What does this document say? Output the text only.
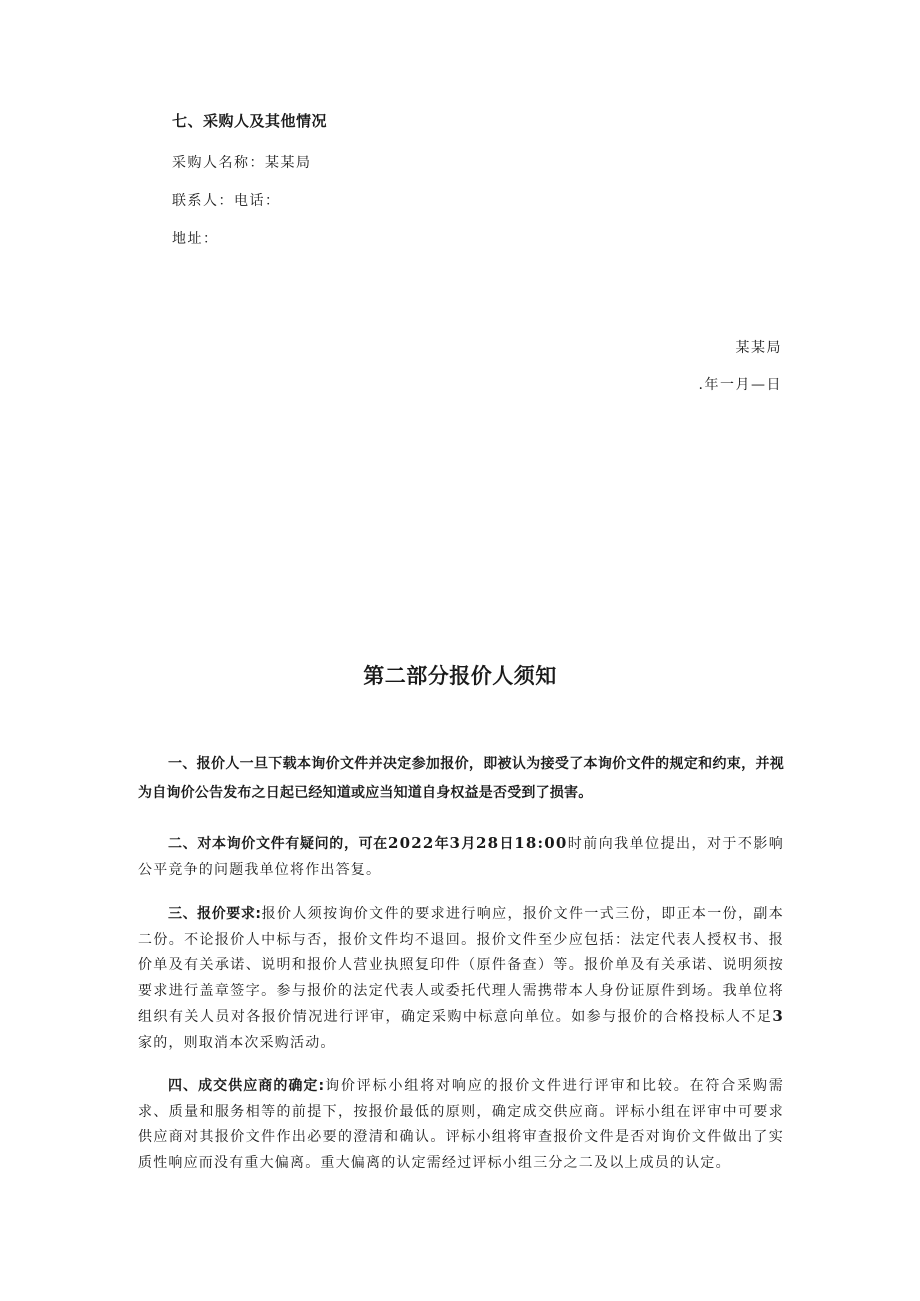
七、采购人及其他情况

采购人名称：某某局

联系人：电话：

地址：

某某局

.年一月—日

第二部分报价人须知

一、报价人一旦下载本询价文件并决定参加报价，即被认为接受了本询价文件的规定和约束，并视为自询价公告发布之日起已经知道或应当知道自身权益是否受到了损害。

二、对本询价文件有疑问的，可在2022年3月28日18:00时前向我单位提出，对于不影响公平竞争的问题我单位将作出答复。

三、报价要求:报价人须按询价文件的要求进行响应，报价文件一式三份，即正本一份，副本二份。不论报价人中标与否，报价文件均不退回。报价文件至少应包括：法定代表人授权书、报价单及有关承诺、说明和报价人营业执照复印件（原件备查）等。报价单及有关承诺、说明须按要求进行盖章签字。参与报价的法定代表人或委托代理人需携带本人身份证原件到场。我单位将组织有关人员对各报价情况进行评审，确定采购中标意向单位。如参与报价的合格投标人不足3家的，则取消本次采购活动。

四、成交供应商的确定:询价评标小组将对响应的报价文件进行评审和比较。在符合采购需求、质量和服务相等的前提下，按报价最低的原则，确定成交供应商。评标小组在评审中可要求供应商对其报价文件作出必要的澄清和确认。评标小组将审查报价文件是否对询价文件做出了实质性响应而没有重大偏离。重大偏离的认定需经过评标小组三分之二及以上成员的认定。
